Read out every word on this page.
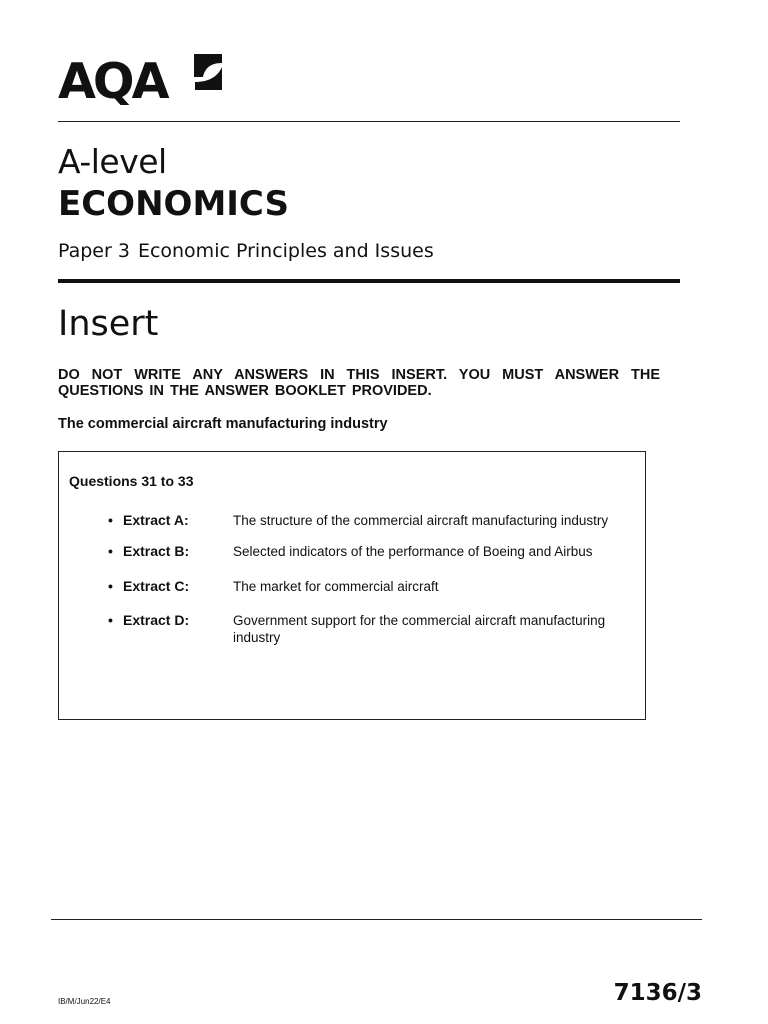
AQA
A-level
ECONOMICS
Paper 3 Economic Principles and Issues
Insert
DO NOT WRITE ANY ANSWERS IN THIS INSERT. YOU MUST ANSWER THE QUESTIONS IN THE ANSWER BOOKLET PROVIDED.
The commercial aircraft manufacturing industry
Questions 31 to 33
• Extract A:	The structure of the commercial aircraft manufacturing industry
• Extract B:	Selected indicators of the performance of Boeing and Airbus
• Extract C:	The market for commercial aircraft
• Extract D:	Government support for the commercial aircraft manufacturing industry
IB/M/Jun22/E4	7136/3
